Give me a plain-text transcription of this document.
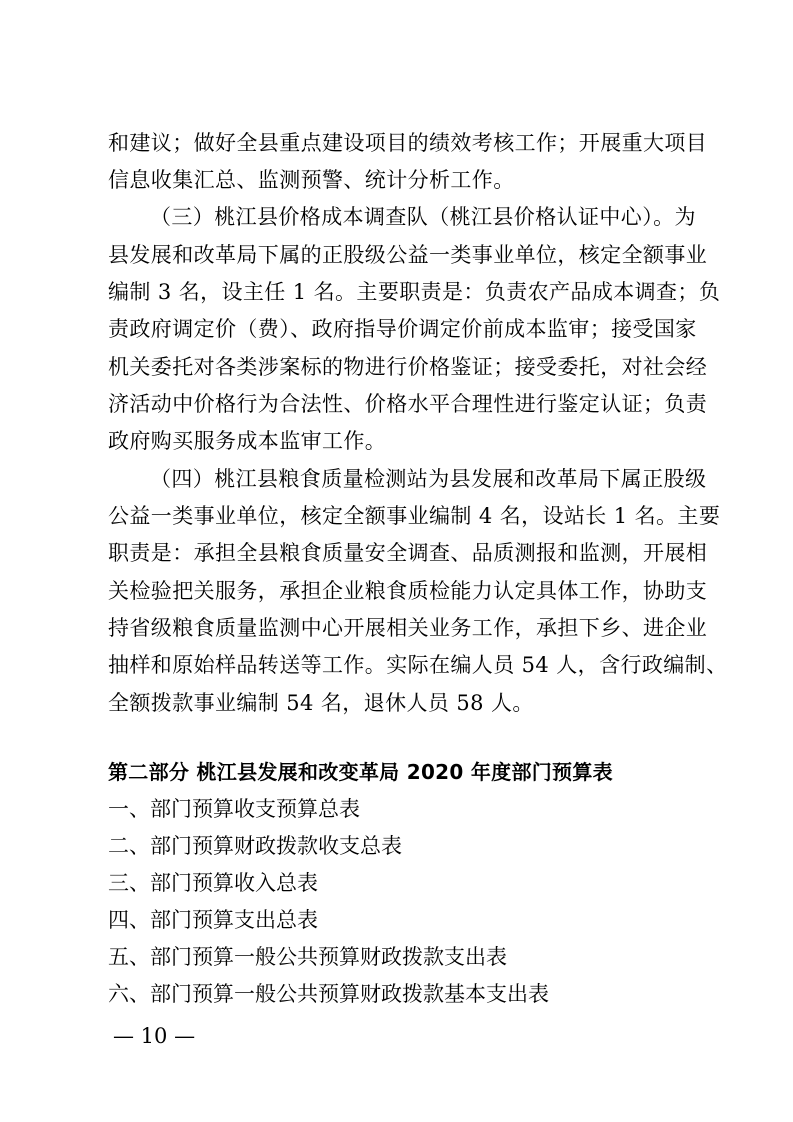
和建议；做好全县重点建设项目的绩效考核工作；开展重大项目
信息收集汇总、监测预警、统计分析工作。
（三）桃江县价格成本调查队（桃江县价格认证中心）。为
县发展和改革局下属的正股级公益一类事业单位，核定全额事业
编制 3 名，设主任 1 名。主要职责是：负责农产品成本调查；负
责政府调定价（费）、政府指导价调定价前成本监审；接受国家
机关委托对各类涉案标的物进行价格鉴证；接受委托，对社会经
济活动中价格行为合法性、价格水平合理性进行鉴定认证；负责
政府购买服务成本监审工作。
（四）桃江县粮食质量检测站为县发展和改革局下属正股级
公益一类事业单位，核定全额事业编制 4 名，设站长 1 名。主要
职责是：承担全县粮食质量安全调查、品质测报和监测，开展相
关检验把关服务，承担企业粮食质检能力认定具体工作，协助支
持省级粮食质量监测中心开展相关业务工作，承担下乡、进企业
抽样和原始样品转送等工作。实际在编人员 54 人，含行政编制、
全额拨款事业编制 54 名，退休人员 58 人。
第二部分 桃江县发展和改变革局 2020 年度部门预算表
一、部门预算收支预算总表
二、部门预算财政拨款收支总表
三、部门预算收入总表
四、部门预算支出总表
五、部门预算一般公共预算财政拨款支出表
六、部门预算一般公共预算财政拨款基本支出表
— 10 —
